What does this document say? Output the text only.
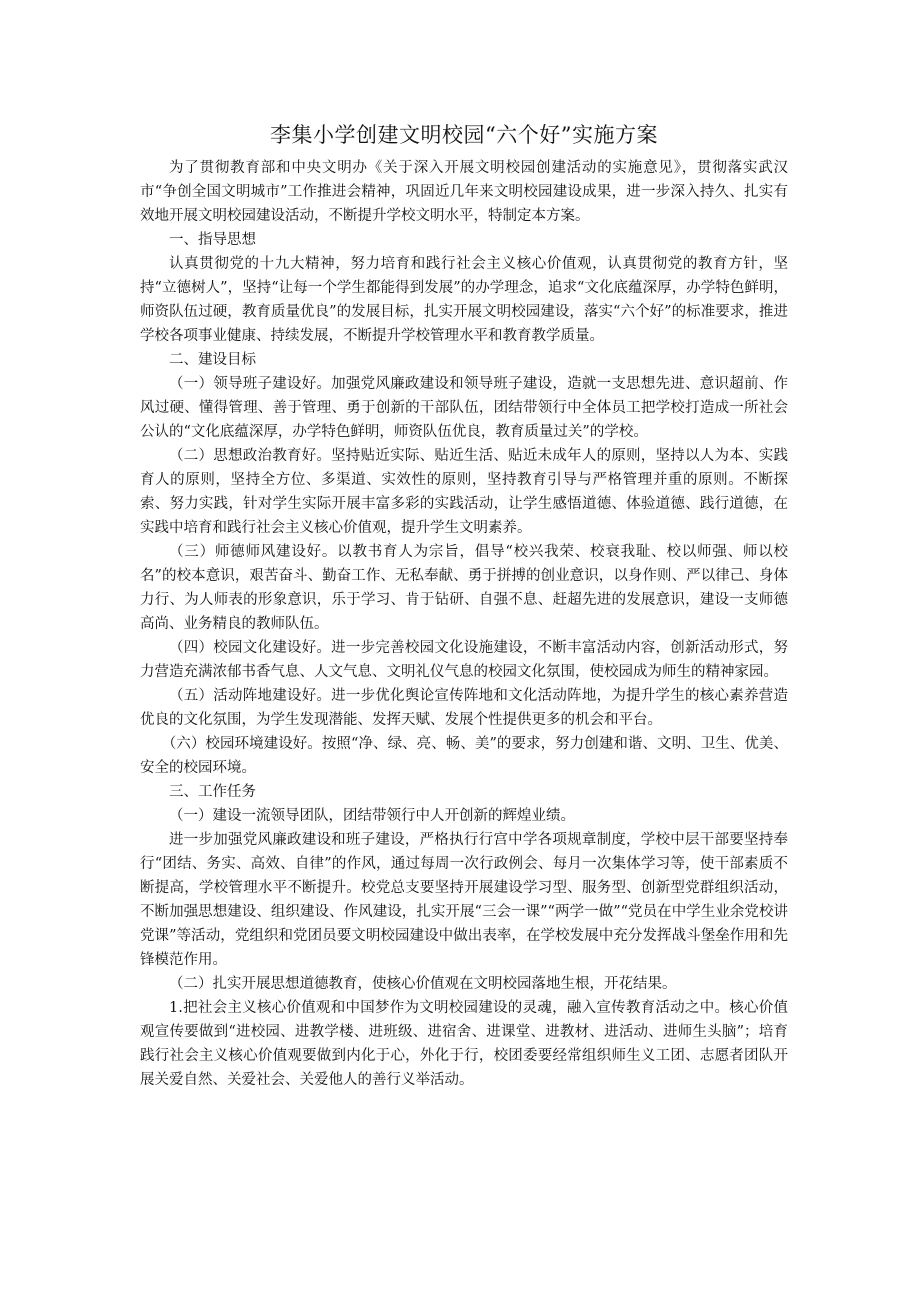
李集小学创建文明校园“六个好”实施方案

为了贯彻教育部和中央文明办《关于深入开展文明校园创建活动的实施意见》，贯彻落实武汉市“争创全国文明城市”工作推进会精神，巩固近几年来文明校园建设成果，进一步深入持久、扎实有效地开展文明校园建设活动，不断提升学校文明水平，特制定本方案。

一、指导思想

认真贯彻党的十九大精神，努力培育和践行社会主义核心价值观，认真贯彻党的教育方针，坚持“立德树人”，坚持“让每一个学生都能得到发展”的办学理念，追求“文化底蕴深厚，办学特色鲜明，师资队伍过硬，教育质量优良”的发展目标，扎实开展文明校园建设，落实“六个好”的标准要求，推进学校各项事业健康、持续发展，不断提升学校管理水平和教育教学质量。

二、建设目标

（一）领导班子建设好。加强党风廉政建设和领导班子建设，造就一支思想先进、意识超前、作风过硬、懂得管理、善于管理、勇于创新的干部队伍，团结带领行中全体员工把学校打造成一所社会公认的“文化底蕴深厚，办学特色鲜明，师资队伍优良，教育质量过关”的学校。

（二）思想政治教育好。坚持贴近实际、贴近生活、贴近未成年人的原则，坚持以人为本、实践育人的原则，坚持全方位、多渠道、实效性的原则，坚持教育引导与严格管理并重的原则。不断探索、努力实践，针对学生实际开展丰富多彩的实践活动，让学生感悟道德、体验道德、践行道德，在实践中培育和践行社会主义核心价值观，提升学生文明素养。

（三）师德师风建设好。以教书育人为宗旨，倡导“校兴我荣、校衰我耻、校以师强、师以校名”的校本意识，艰苦奋斗、勤奋工作、无私奉献、勇于拼搏的创业意识，以身作则、严以律己、身体力行、为人师表的形象意识，乐于学习、肯于钻研、自强不息、赶超先进的发展意识，建设一支师德高尚、业务精良的教师队伍。

（四）校园文化建设好。进一步完善校园文化设施建设，不断丰富活动内容，创新活动形式，努力营造充满浓郁书香气息、人文气息、文明礼仪气息的校园文化氛围，使校园成为师生的精神家园。

（五）活动阵地建设好。进一步优化舆论宣传阵地和文化活动阵地，为提升学生的核心素养营造优良的文化氛围，为学生发现潜能、发挥天赋、发展个性提供更多的机会和平台。

（六）校园环境建设好。按照“净、绿、亮、畅、美”的要求，努力创建和谐、文明、卫生、优美、安全的校园环境。

三、工作任务

（一）建设一流领导团队，团结带领行中人开创新的辉煌业绩。

进一步加强党风廉政建设和班子建设，严格执行行宫中学各项规章制度，学校中层干部要坚持奉行“团结、务实、高效、自律”的作风，通过每周一次行政例会、每月一次集体学习等，使干部素质不断提高，学校管理水平不断提升。校党总支要坚持开展建设学习型、服务型、创新型党群组织活动，不断加强思想建设、组织建设、作风建设，扎实开展“三会一课”“两学一做”“党员在中学生业余党校讲党课”等活动，党组织和党团员要文明校园建设中做出表率，在学校发展中充分发挥战斗堡垒作用和先锋模范作用。

（二）扎实开展思想道德教育，使核心价值观在文明校园落地生根，开花结果。

1.把社会主义核心价值观和中国梦作为文明校园建设的灵魂，融入宣传教育活动之中。核心价值观宣传要做到“进校园、进教学楼、进班级、进宿舍、进课堂、进教材、进活动、进师生头脑”；培育践行社会主义核心价值观要做到内化于心，外化于行，校团委要经常组织师生义工团、志愿者团队开展关爱自然、关爱社会、关爱他人的善行义举活动。
